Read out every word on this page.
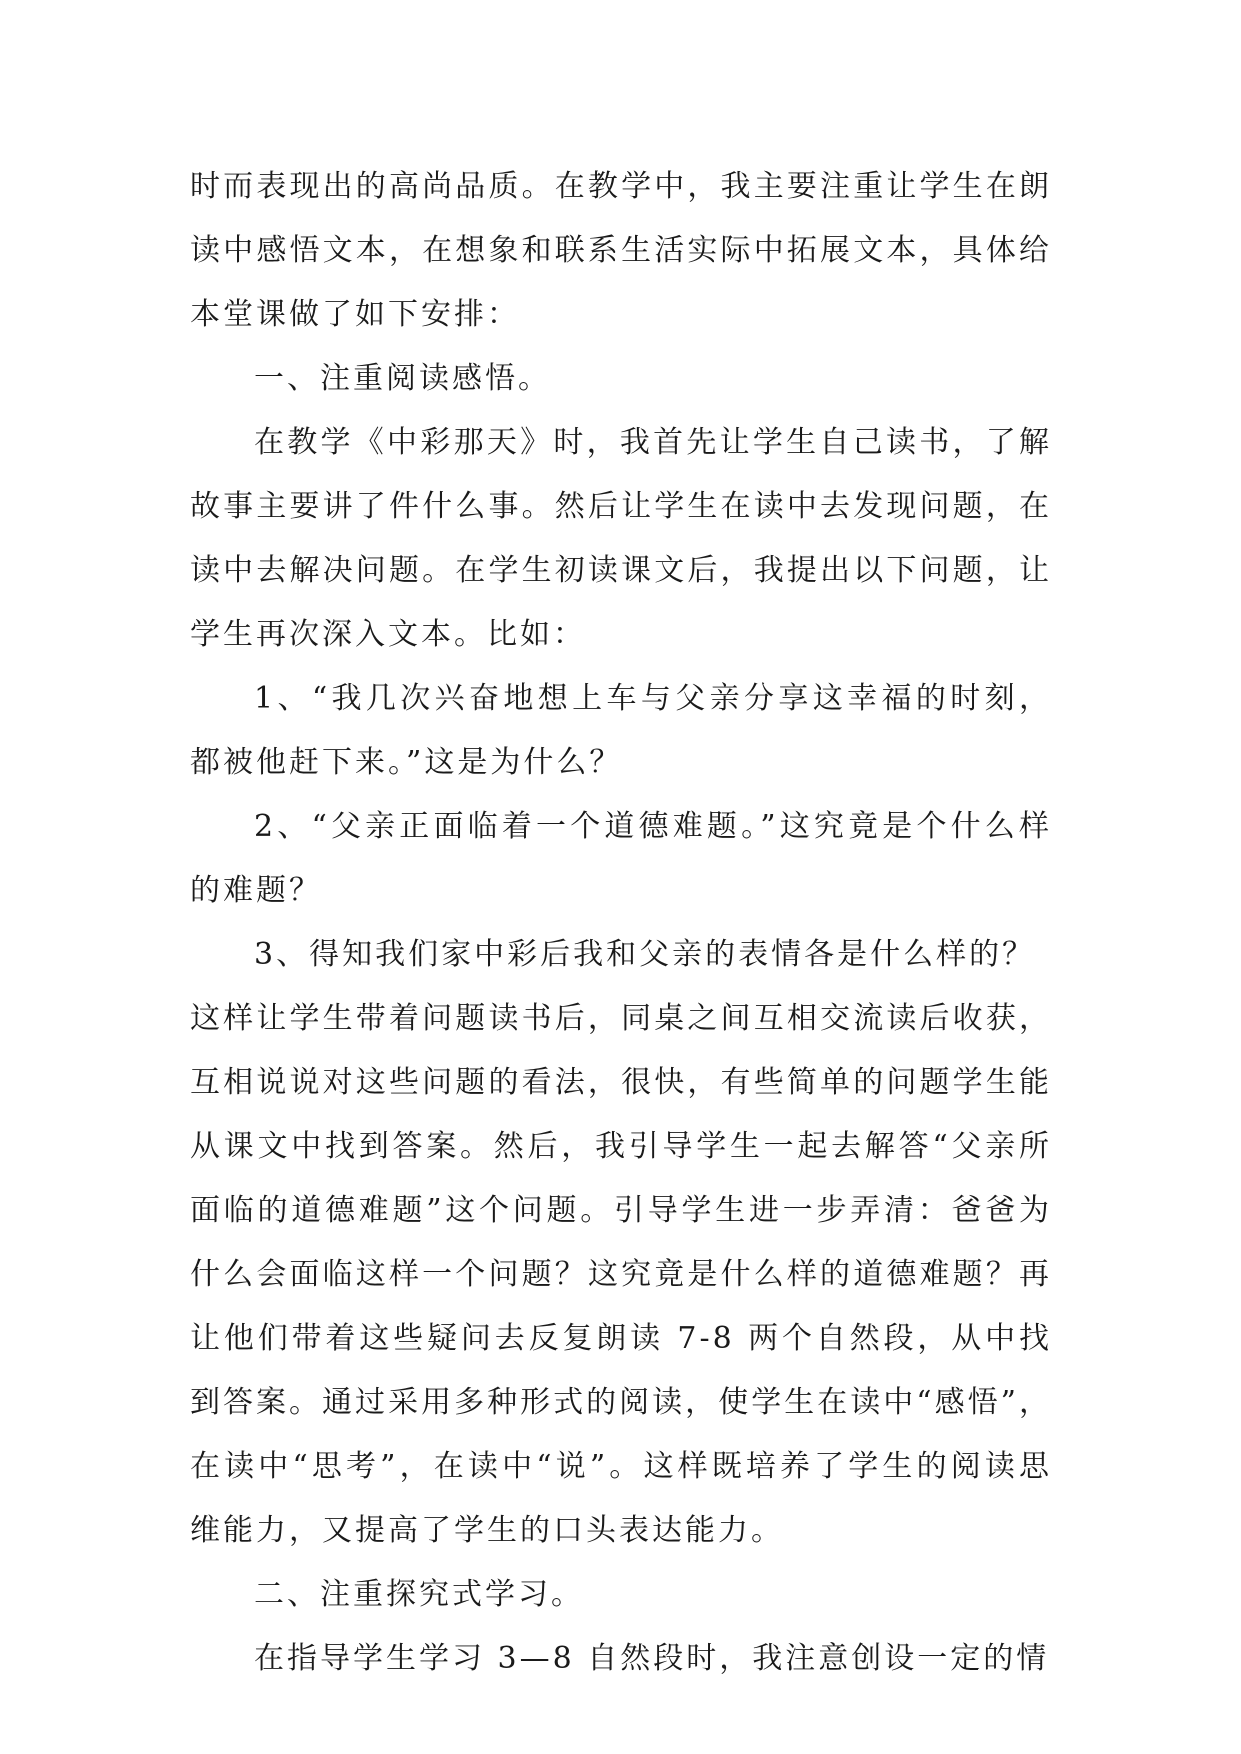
时而表现出的高尚品质。在教学中，我主要注重让学生在朗读中感悟文本，在想象和联系生活实际中拓展文本，具体给本堂课做了如下安排：

一、注重阅读感悟。

在教学《中彩那天》时，我首先让学生自己读书，了解故事主要讲了件什么事。然后让学生在读中去发现问题，在读中去解决问题。在学生初读课文后，我提出以下问题，让学生再次深入文本。比如：

1、“我几次兴奋地想上车与父亲分享这幸福的时刻，都被他赶下来。”这是为什么？

2、“父亲正面临着一个道德难题。”这究竟是个什么样的难题？

3、得知我们家中彩后我和父亲的表情各是什么样的？

这样让学生带着问题读书后，同桌之间互相交流读后收获，互相说说对这些问题的看法，很快，有些简单的问题学生能从课文中找到答案。然后，我引导学生一起去解答“父亲所面临的道德难题”这个问题。引导学生进一步弄清：爸爸为什么会面临这样一个问题？这究竟是什么样的道德难题？再让他们带着这些疑问去反复朗读 7-8 两个自然段，从中找到答案。通过采用多种形式的阅读，使学生在读中“感悟”，在读中“思考”，在读中“说”。这样既培养了学生的阅读思维能力，又提高了学生的口头表达能力。

二、注重探究式学习。

在指导学生学习 3—8 自然段时，我注意创设一定的情
